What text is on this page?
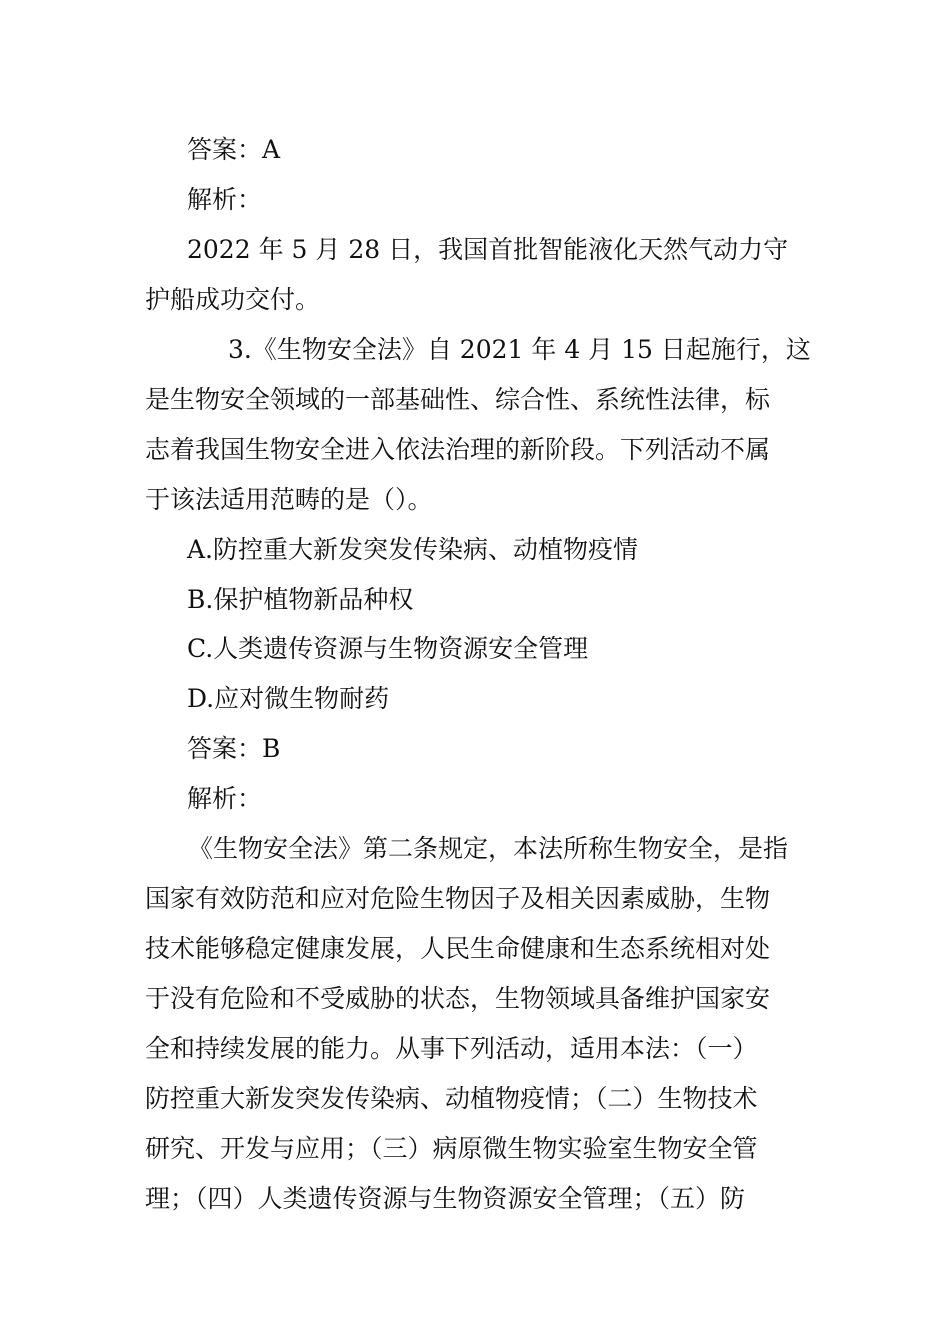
答案：A
解析：
2022 年 5 月 28 日，我国首批智能液化天然气动力守
护船成功交付。
3.《生物安全法》自 2021 年 4 月 15 日起施行，这
是生物安全领域的一部基础性、综合性、系统性法律，标
志着我国生物安全进入依法治理的新阶段。下列活动不属
于该法适用范畴的是（）。
A.防控重大新发突发传染病、动植物疫情
B.保护植物新品种权
C.人类遗传资源与生物资源安全管理
D.应对微生物耐药
答案：B
解析：
《生物安全法》第二条规定，本法所称生物安全，是指
国家有效防范和应对危险生物因子及相关因素威胁，生物
技术能够稳定健康发展，人民生命健康和生态系统相对处
于没有危险和不受威胁的状态，生物领域具备维护国家安
全和持续发展的能力。从事下列活动，适用本法：（一）
防控重大新发突发传染病、动植物疫情；（二）生物技术
研究、开发与应用；（三）病原微生物实验室生物安全管
理；（四）人类遗传资源与生物资源安全管理；（五）防
